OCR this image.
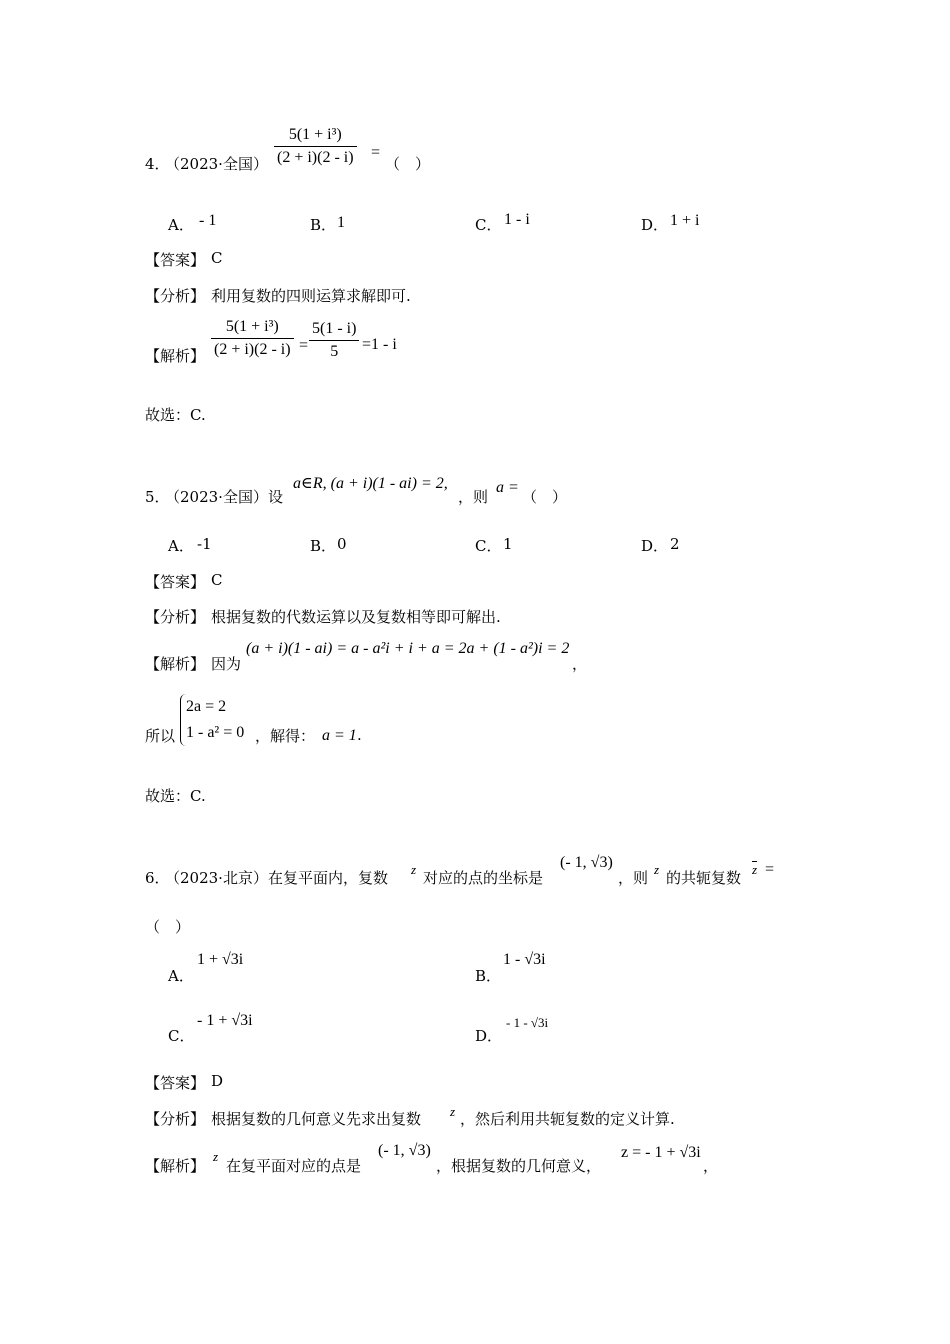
4．
（2023·全国） $\frac{\text{5(1 + i³)}}{(2 + i)(2 - i)}$ =
（　）
A． - 1	B． 1	C． 1 - i	D． 1 + i
【答案】 C
【分析】 利用复数的四则运算求解即可.
【解析】 $\frac{\text{5(1 + i³)}}{(2 + i)(2 - i)} = \frac{5(1 - i)}{5} =1 - i$
故选：C.
5．
（2023·全国）设
a∈R, (a + i)(1 - ai) = 2,
，则
a =
（　）
A． -1	B． 0	C． 1	D． 2
【答案】 C
【分析】 根据复数的代数运算以及复数相等即可解出.
【解析】 因为
(a + i)(1 - ai) = a - a²i + i + a = 2a + (1 - a²)i = 2
，
所以
2a = 2
1 - a² = 0 ，解得： a = 1 .
故选：C.
6．
（2023·北京）在复平面内，复数 z 对应的点的坐标是
(- 1, √3)
，则 z 的共轭复数 $\overline{z}$ =
（　）
A．
1 + √3i
B．
1 - √3i
C．
- 1 + √3i
D．
- 1 - √3i
【答案】 D
【分析】 根据复数的几何意义先求出复数 z ，然后利用共轭复数的定义计算.
【解析】
z
在复平面对应的点是
(- 1, √3)
，根据复数的几何意义，
z = - 1 + √3i
，
